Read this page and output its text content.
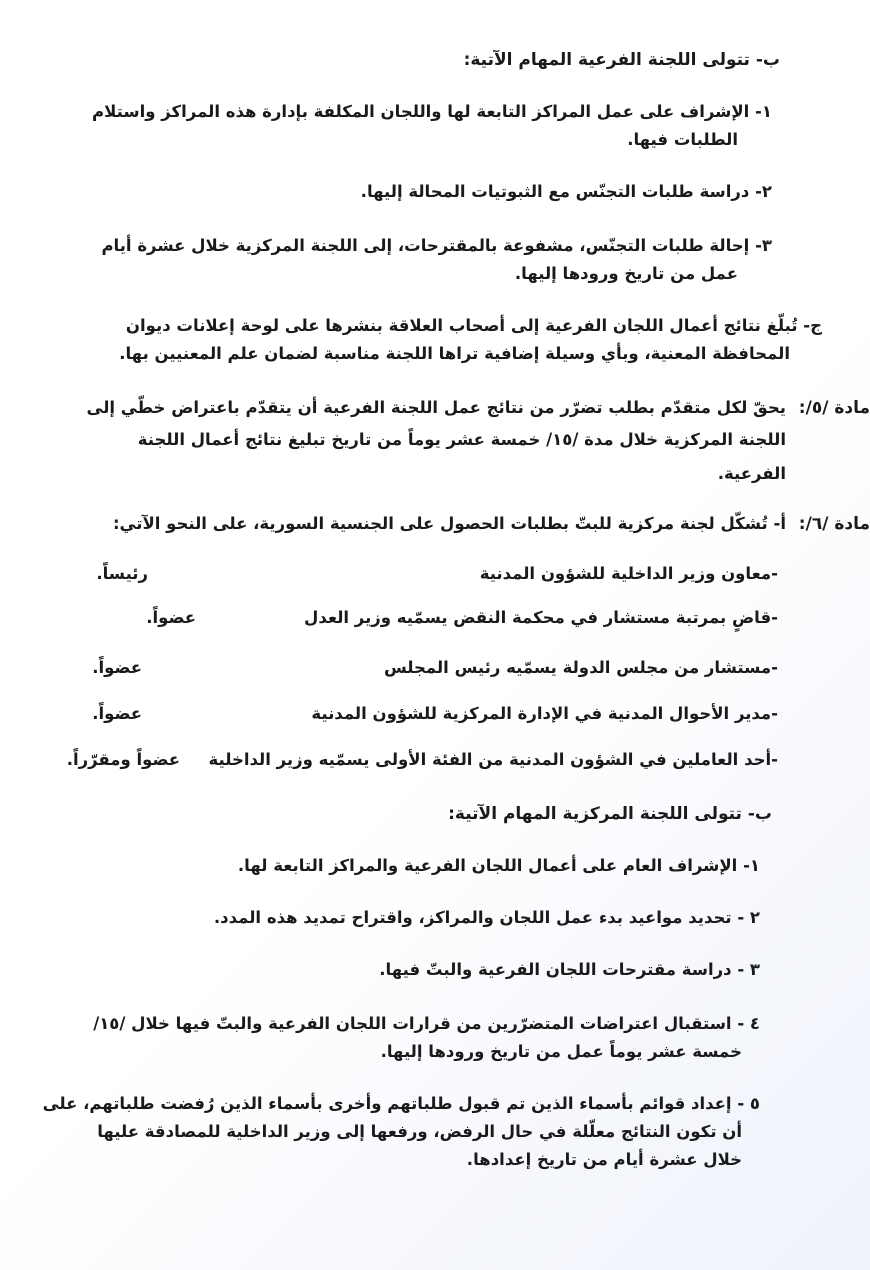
ب- تتولى اللجنة الفرعية المهام الآتية:
١- الإشراف على عمل المراكز التابعة لها واللجان المكلفة بإدارة هذه المراكز واستلام
الطلبات فيها.
٢- دراسة طلبات التجنّس مع الثبوتيات المحالة إليها.
٣- إحالة طلبات التجنّس، مشفوعة بالمقترحات، إلى اللجنة المركزية خلال عشرة أيام
عمل من تاريخ ورودها إليها.
ج- تُبلّغ نتائج أعمال اللجان الفرعية إلى أصحاب العلاقة بنشرها على لوحة إعلانات ديوان
المحافظة المعنية، وبأي وسيلة إضافية تراها اللجنة مناسبة لضمان علم المعنيين بها.
مادة /٥/:
يحقّ لكل متقدّم بطلب تضرّر من نتائج عمل اللجنة الفرعية أن يتقدّم باعتراض خطّي إلى
اللجنة المركزية خلال مدة /١٥/ خمسة عشر يوماً من تاريخ تبليغ نتائج أعمال اللجنة
الفرعية.
مادة /٦/:
أ- تُشكّل لجنة مركزية للبتّ بطلبات الحصول على الجنسية السورية، على النحو الآتي:
-معاون وزير الداخلية للشؤون المدنية
رئيساً.
-قاضٍ بمرتبة مستشار في محكمة النقض يسمّيه وزير العدل
عضواً.
-مستشار من مجلس الدولة يسمّيه رئيس المجلس
عضواً.
-مدير الأحوال المدنية في الإدارة المركزية للشؤون المدنية
عضواً.
-أحد العاملين في الشؤون المدنية من الفئة الأولى يسمّيه وزير الداخلية
عضواً ومقرّراً.
ب- تتولى اللجنة المركزية المهام الآتية:
١- الإشراف العام على أعمال اللجان الفرعية والمراكز التابعة لها.
٢ - تحديد مواعيد بدء عمل اللجان والمراكز، واقتراح تمديد هذه المدد.
٣ - دراسة مقترحات اللجان الفرعية والبتّ فيها.
٤ - استقبال اعتراضات المتضرّرين من قرارات اللجان الفرعية والبتّ فيها خلال /١٥/
خمسة عشر يوماً عمل من تاريخ ورودها إليها.
٥ - إعداد قوائم بأسماء الذين تم قبول طلباتهم وأخرى بأسماء الذين رُفضت طلباتهم، على
أن تكون النتائج معلّلة في حال الرفض، ورفعها إلى وزير الداخلية للمصادقة عليها
خلال عشرة أيام من تاريخ إعدادها.
